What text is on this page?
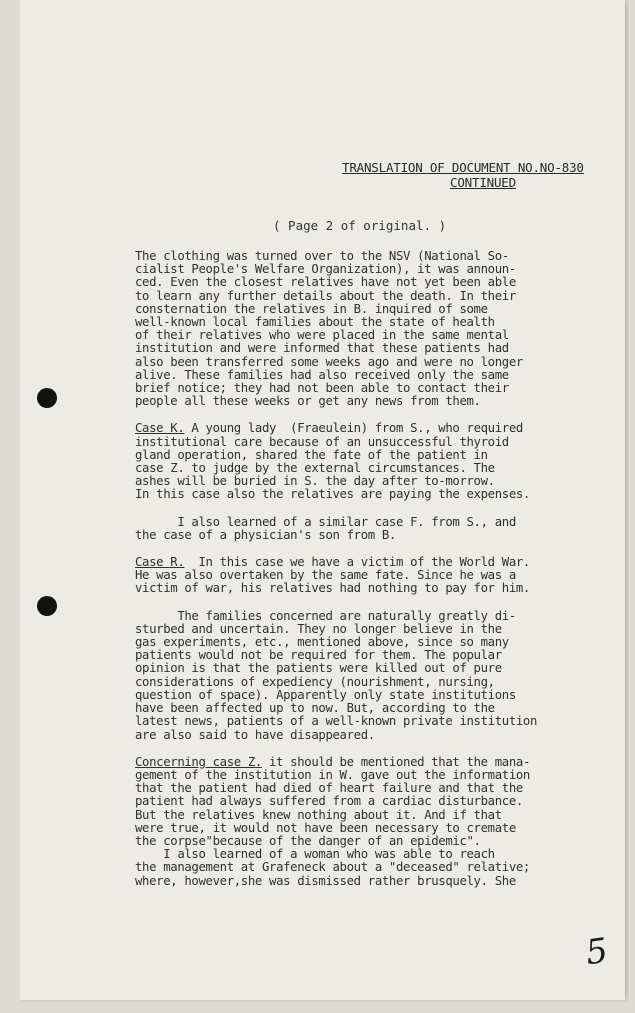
TRANSLATION OF DOCUMENT NO.NO-830
CONTINUED
( Page 2 of original. )

The clothing was turned over to the NSV (National So-
cialist People's Welfare Organization), it was announ-
ced. Even the closest relatives have not yet been able
to learn any further details about the death. In their
consternation the relatives in B. inquired of some
well-known local families about the state of health
of their relatives who were placed in the same mental
institution and were informed that these patients had
also been transferred some weeks ago and were no longer
alive. These families had also received only the same
brief notice; they had not been able to contact their
people all these weeks or get any news from them.

Case K. A young lady  (Fraeulein) from S., who required
institutional care because of an unsuccessful thyroid
gland operation, shared the fate of the patient in
case Z. to judge by the external circumstances. The
ashes will be buried in S. the day after to-morrow.
In this case also the relatives are paying the expenses.

I also learned of a similar case F. from S., and
the case of a physician's son from B.

Case R.  In this case we have a victim of the World War.
He was also overtaken by the same fate. Since he was a
victim of war, his relatives had nothing to pay for him.

The families concerned are naturally greatly di-
sturbed and uncertain. They no longer believe in the
gas experiments, etc., mentioned above, since so many
patients would not be required for them. The popular
opinion is that the patients were killed out of pure
considerations of expediency (nourishment, nursing,
question of space). Apparently only state institutions
have been affected up to now. But, according to the
latest news, patients of a well-known private institution
are also said to have disappeared.

Concerning case Z. it should be mentioned that the mana-
gement of the institution in W. gave out the information
that the patient had died of heart failure and that the
patient had always suffered from a cardiac disturbance.
But the relatives knew nothing about it. And if that
were true, it would not have been necessary to cremate
the corpse"because of the danger of an epidemic".
I also learned of a woman who was able to reach
the management at Grafeneck about a "deceased" relative;
where, however,she was dismissed rather brusquely. She

5
